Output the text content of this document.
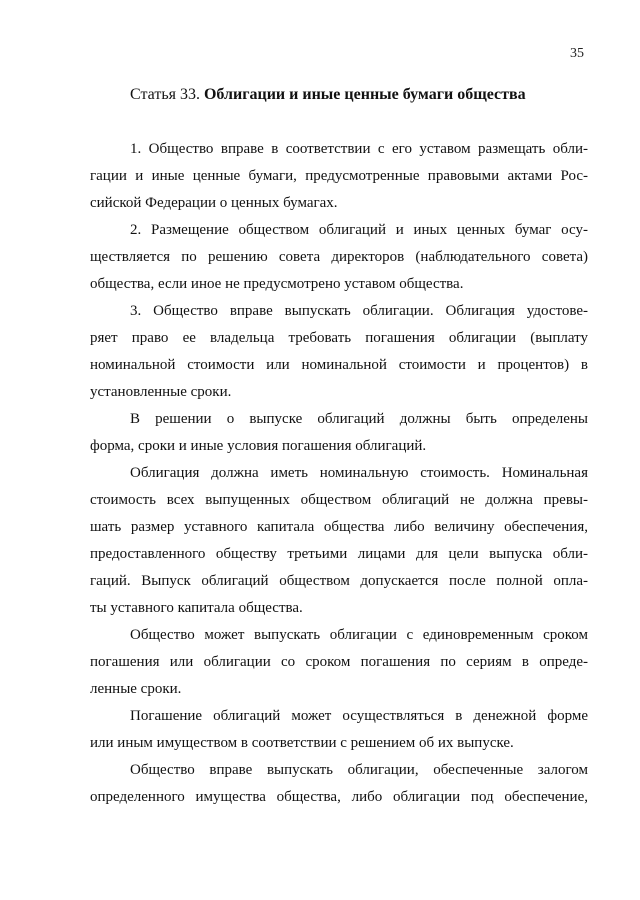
35
Статья 33. Облигации и иные ценные бумаги общества
1. Общество вправе в соответствии с его уставом размещать обли-
гации и иные ценные бумаги, предусмотренные правовыми актами Рос-
сийской Федерации о ценных бумагах.
2. Размещение обществом облигаций и иных ценных бумаг осу-
ществляется по решению совета директоров (наблюдательного совета)
общества, если иное не предусмотрено уставом общества.
3. Общество вправе выпускать облигации. Облигация удостове-
ряет право ее владельца требовать погашения облигации (выплату
номинальной стоимости или номинальной стоимости и процентов) в
установленные сроки.
В решении о выпуске облигаций должны быть определены
форма, сроки и иные условия погашения облигаций.
Облигация должна иметь номинальную стоимость. Номинальная
стоимость всех выпущенных обществом облигаций не должна превы-
шать размер уставного капитала общества либо величину обеспечения,
предоставленного обществу третьими лицами для цели выпуска обли-
гаций. Выпуск облигаций обществом допускается после полной опла-
ты уставного капитала общества.
Общество может выпускать облигации с единовременным сроком
погашения или облигации со сроком погашения по сериям в опреде-
ленные сроки.
Погашение облигаций может осуществляться в денежной форме
или иным имуществом в соответствии с решением об их выпуске.
Общество вправе выпускать облигации, обеспеченные залогом
определенного имущества общества, либо облигации под обеспечение,
